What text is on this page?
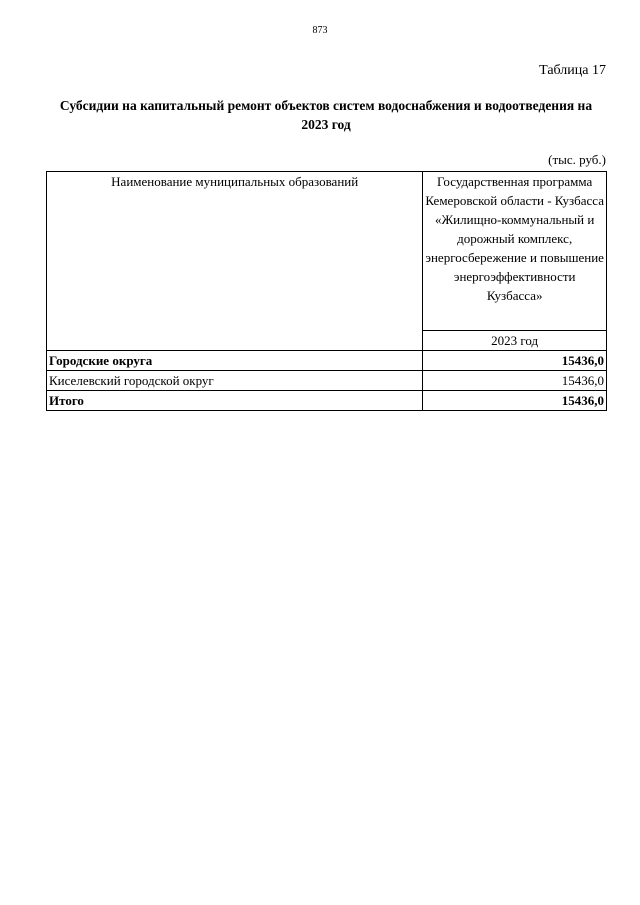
873
Таблица 17
Субсидии на капитальный ремонт объектов систем водоснабжения и водоотведения на
2023 год
(тыс. руб.)
Наименование муниципальных образований	Государственная программа Кемеровской области - Кузбасса «Жилищно-коммунальный и дорожный комплекс, энергосбережение и повышение энергоэффективности Кузбасса»
	2023 год
Городские округа	15436,0
Киселевский городской округ	15436,0
Итого	15436,0
